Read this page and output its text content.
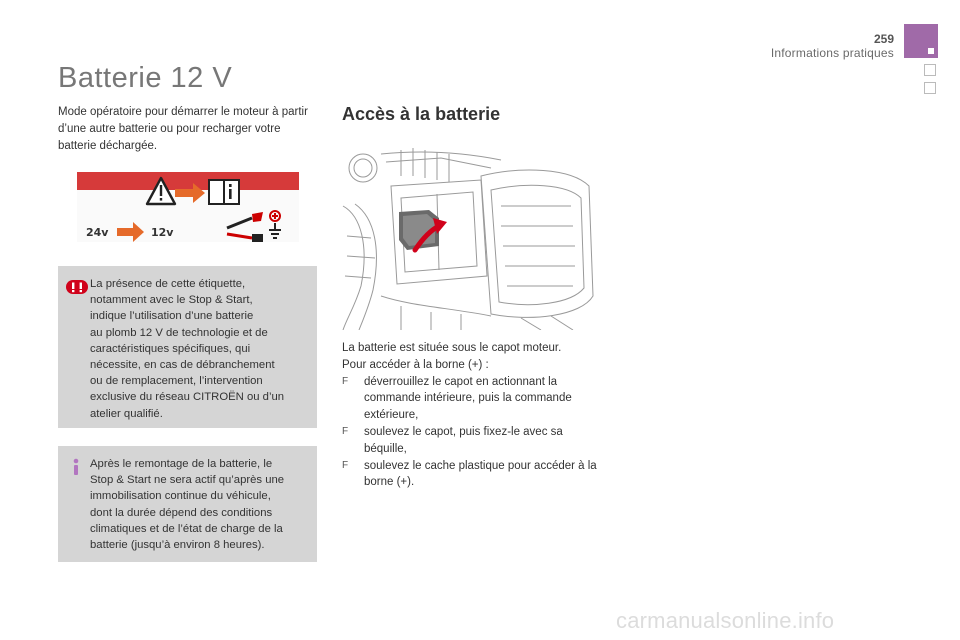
259
Informations pratiques
Batterie 12 V
Mode opératoire pour démarrer le moteur à partir d’une autre batterie ou pour recharger votre batterie déchargée.
24v	12v
La présence de cette étiquette,
notamment avec le Stop & Start,
indique l’utilisation d’une batterie
au plomb 12 V de technologie et de
caractéristiques spécifiques, qui
nécessite, en cas de débranchement
ou de remplacement, l’intervention
exclusive du réseau CITROËN ou d’un
atelier qualifié.
Après le remontage de la batterie, le
Stop & Start ne sera actif qu’après une
immobilisation continue du véhicule,
dont la durée dépend des conditions
climatiques et de l’état de charge de la
batterie (jusqu’à environ 8 heures).
Accès à la batterie
La batterie est située sous le capot moteur.
Pour accéder à la borne (+) :
F	déverrouillez le capot en actionnant la commande intérieure, puis la commande extérieure,
F	soulevez le capot, puis fixez-le avec sa béquille,
F	soulevez le cache plastique pour accéder à la borne (+).
carmanualsonline.info
